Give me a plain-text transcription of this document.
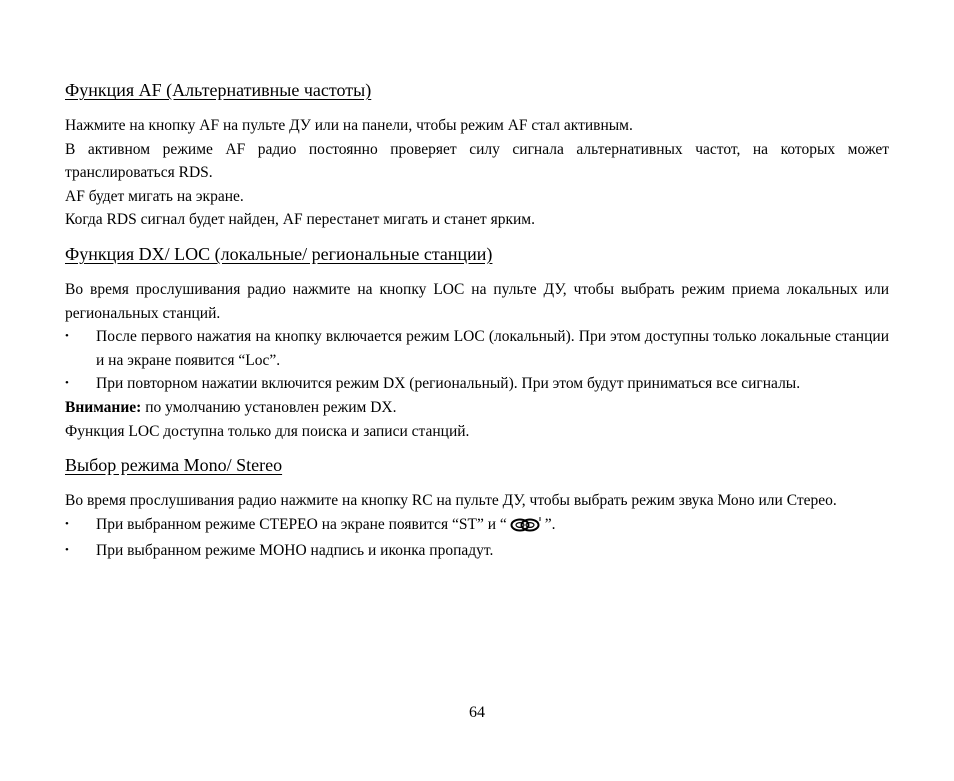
Функция AF (Альтернативные частоты)

Нажмите на кнопку AF на пульте ДУ или на панели, чтобы режим AF стал активным.

В активном режиме AF радио постоянно проверяет силу сигнала альтернативных частот, на которых может транслироваться RDS.

AF будет мигать на экране.

Когда RDS сигнал будет найден, AF перестанет мигать и станет ярким.

Функция DX/ LOC (локальные/ региональные станции)

Во время прослушивания радио нажмите на кнопку LOC на пульте ДУ, чтобы выбрать режим приема локальных или региональных станций.

• После первого нажатия на кнопку включается режим LOC (локальный). При этом доступны только локальные станции и на экране появится “Loc”.
• При повторном нажатии включится режим DX (региональный). При этом будут приниматься все сигналы.

Внимание: по умолчанию установлен режим DX.

Функция LOC доступна только для поиска и записи станций.

Выбор режима Mono/ Stereo

Во время прослушивания радио нажмите на кнопку RC на пульте ДУ, чтобы выбрать режим звука Моно или Стерео.

• При выбранном режиме СТЕРЕО на экране появится “ST” и “ ”.
• При выбранном режиме МОНО надпись и иконка пропадут.
64
